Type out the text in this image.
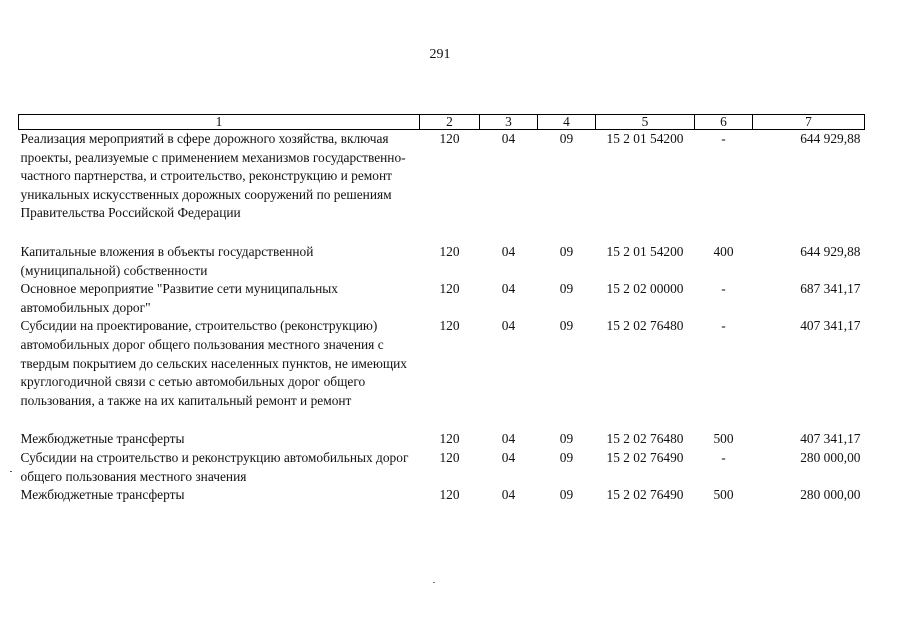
291
1	2	3	4	5	6	7
Реализация мероприятий в сфере дорожного хозяйства, включая проекты, реализуемые с применением механизмов государственно-частного партнерства, и строительство, реконструкцию и ремонт уникальных искусственных дорожных сооружений по решениям Правительства Российской Федерации	120	04	09	15 2 01 54200	-	644 929,88
Капитальные вложения в объекты государственной (муниципальной) собственности	120	04	09	15 2 01 54200	400	644 929,88
Основное мероприятие "Развитие сети муниципальных автомобильных дорог"	120	04	09	15 2 02 00000	-	687 341,17
Субсидии на проектирование, строительство (реконструкцию) автомобильных дорог общего пользования местного значения с твердым покрытием до сельских населенных пунктов, не имеющих круглогодичной связи с сетью автомобильных дорог общего пользования, а также на их капитальный ремонт и ремонт	120	04	09	15 2 02 76480	-	407 341,17
Межбюджетные трансферты	120	04	09	15 2 02 76480	500	407 341,17
Субсидии на строительство и реконструкцию автомобильных дорог общего пользования местного значения	120	04	09	15 2 02 76490	-	280 000,00
Межбюджетные трансферты	120	04	09	15 2 02 76490	500	280 000,00
